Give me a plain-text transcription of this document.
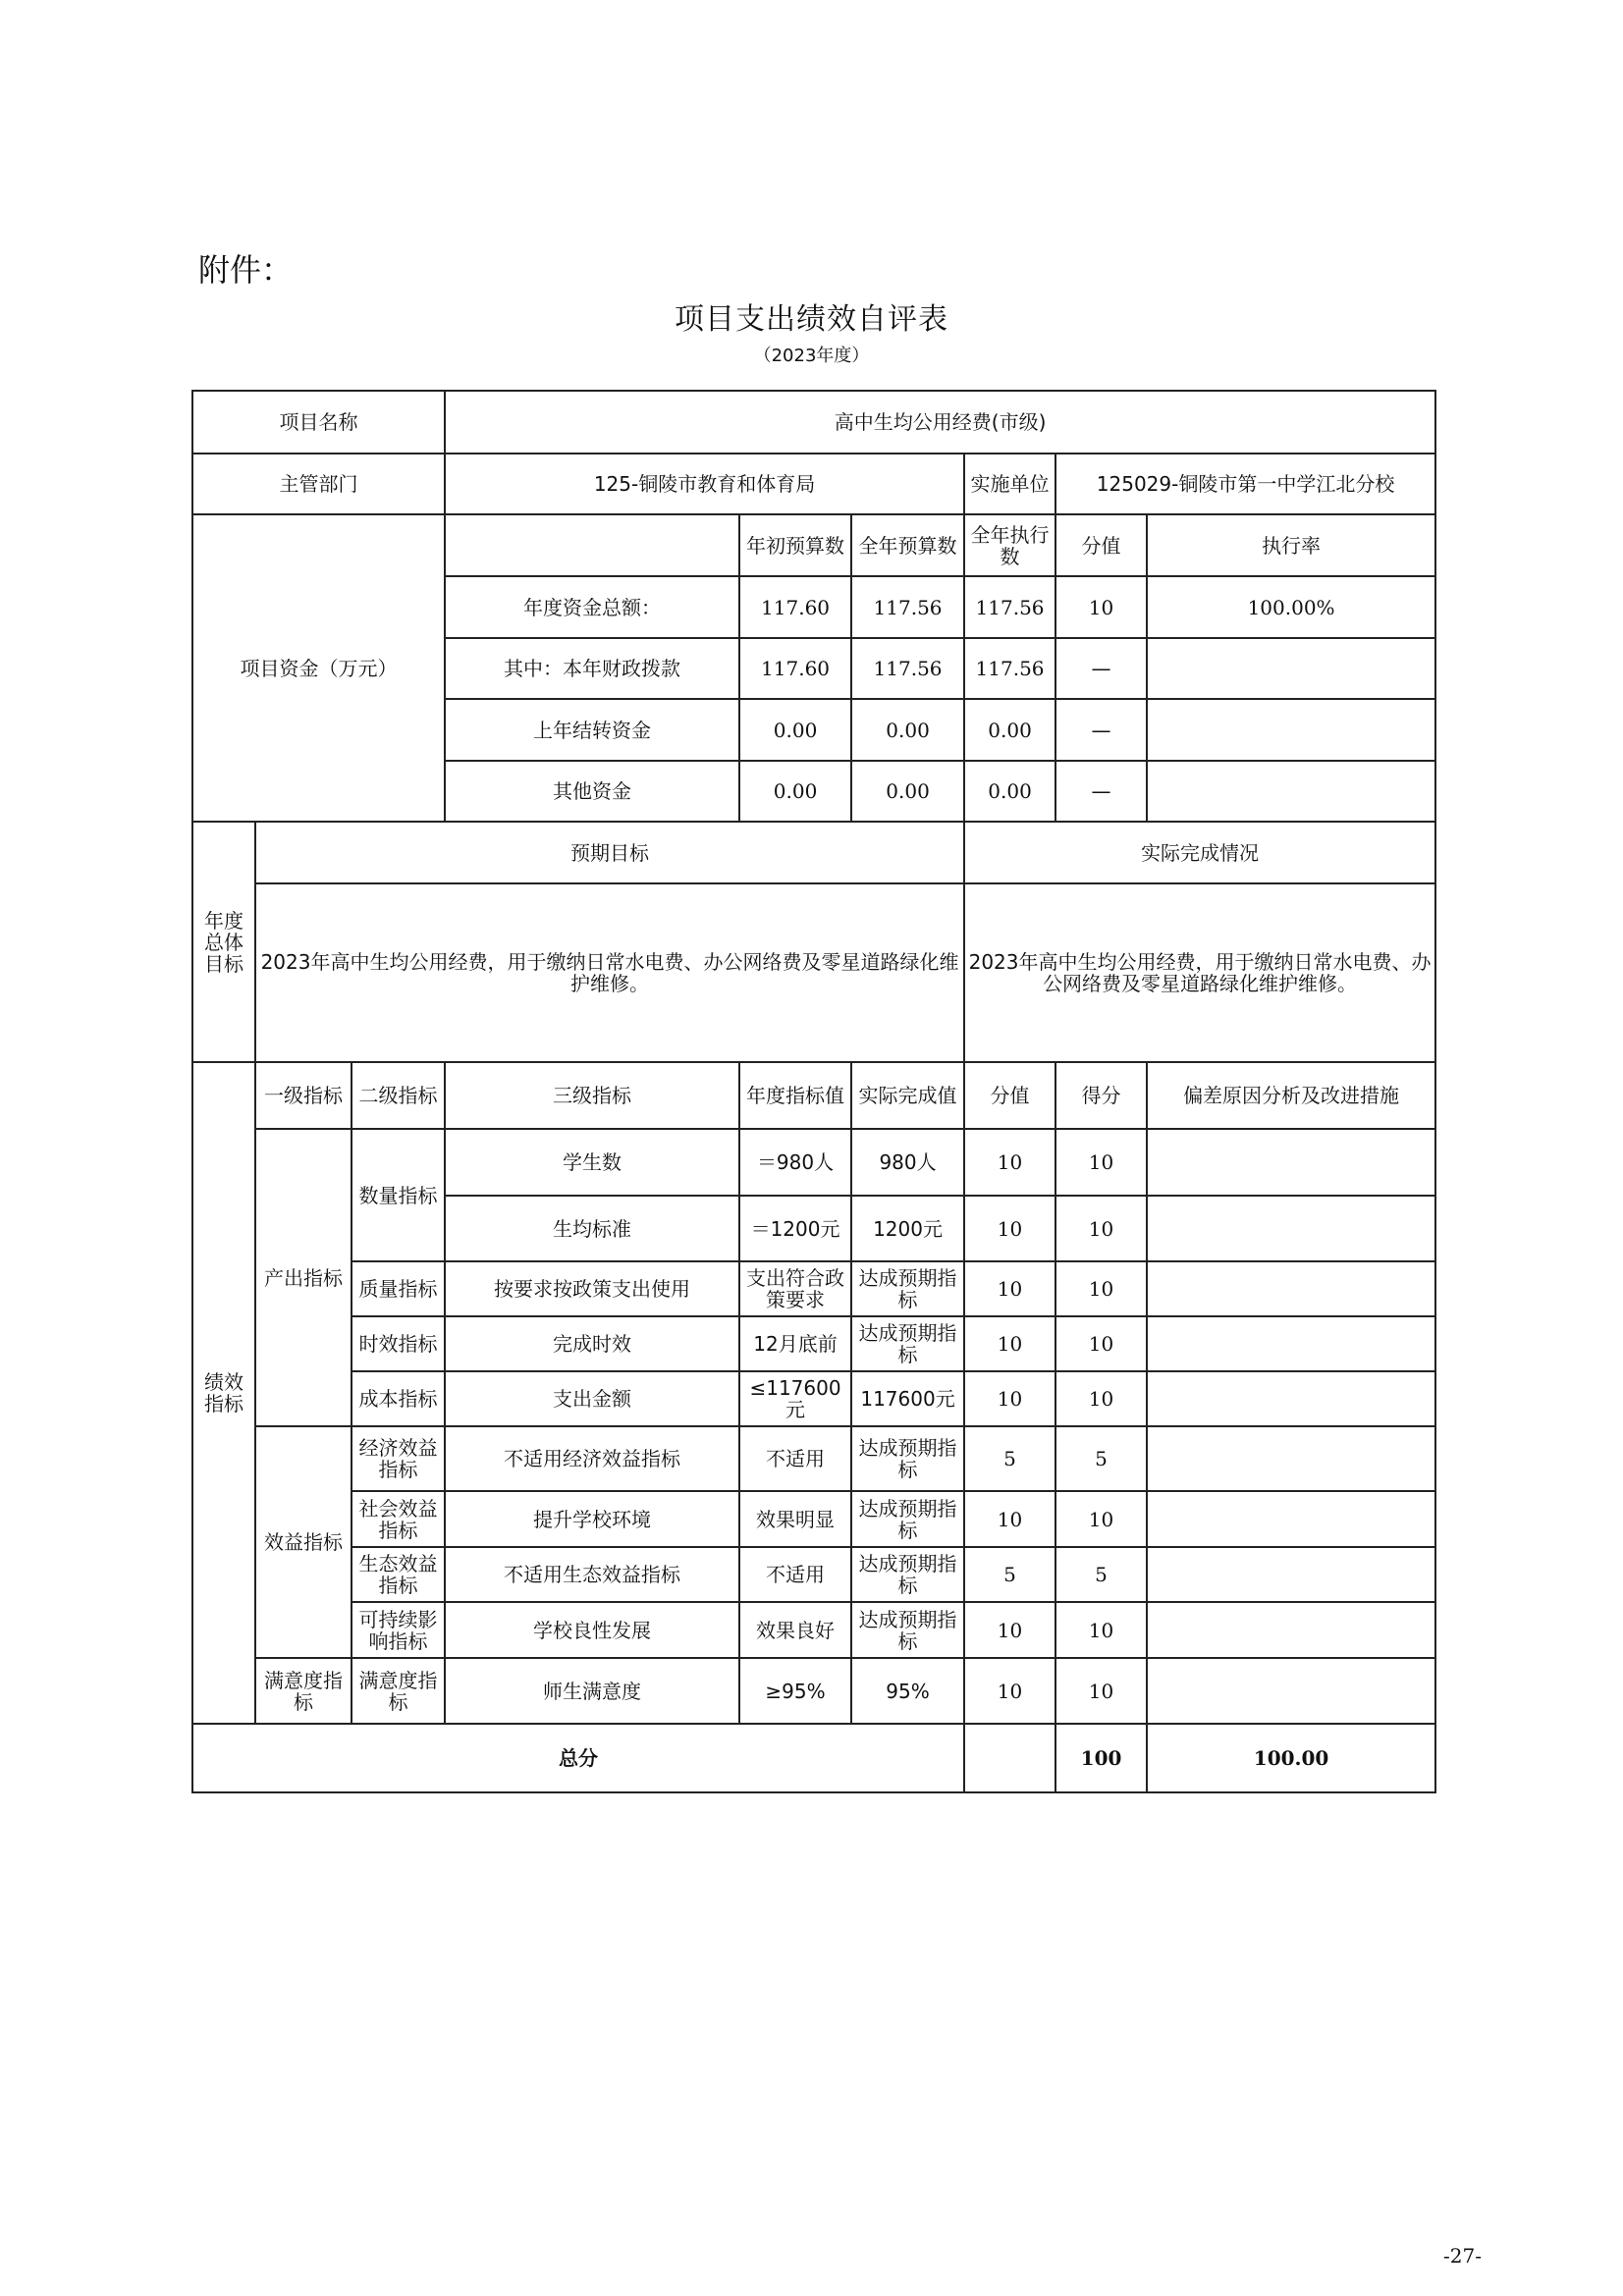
附件：
项目支出绩效自评表
（2023年度）
项目名称			高中生均公用经费(市级)						
主管部门			125-铜陵市教育和体育局			实施单位	125029-铜陵市第一中学江北分校		
项目资金（万元）				年初预算数	全年预算数	全年执行数	分值	执行率	
			年度资金总额：	117.60	117.56	117.56	10	100.00%	
			其中：本年财政拨款	117.60	117.56	117.56	—		
			上年结转资金	0.00	0.00	0.00	—		
			其他资金	0.00	0.00	0.00	—		
年度总体目标	预期目标					实际完成情况			
	2023年高中生均公用经费，用于缴纳日常水电费、办公网络费及零星道路绿化维护维修。					2023年高中生均公用经费，用于缴纳日常水电费、办公网络费及零星道路绿化维护维修。			
绩效指标	一级指标	二级指标	三级指标	年度指标值	实际完成值	分值	得分	偏差原因分析及改进措施	
	产出指标	数量指标	学生数	＝980人	980人	10	10		
			生均标准	＝1200元	1200元	10	10		
		质量指标	按要求按政策支出使用	支出符合政策要求	达成预期指标	10	10		
		时效指标	完成时效	12月底前	达成预期指标	10	10		
		成本指标	支出金额	≤117600元	117600元	10	10		
	效益指标	经济效益指标	不适用经济效益指标	不适用	达成预期指标	5	5		
		社会效益指标	提升学校环境	效果明显	达成预期指标	10	10		
		生态效益指标	不适用生态效益指标	不适用	达成预期指标	5	5		
		可持续影响指标	学校良性发展	效果良好	达成预期指标	10	10		
	满意度指标	满意度指标	师生满意度	≥95%	95%	10	10		
总分							100	100.00	
-27-
